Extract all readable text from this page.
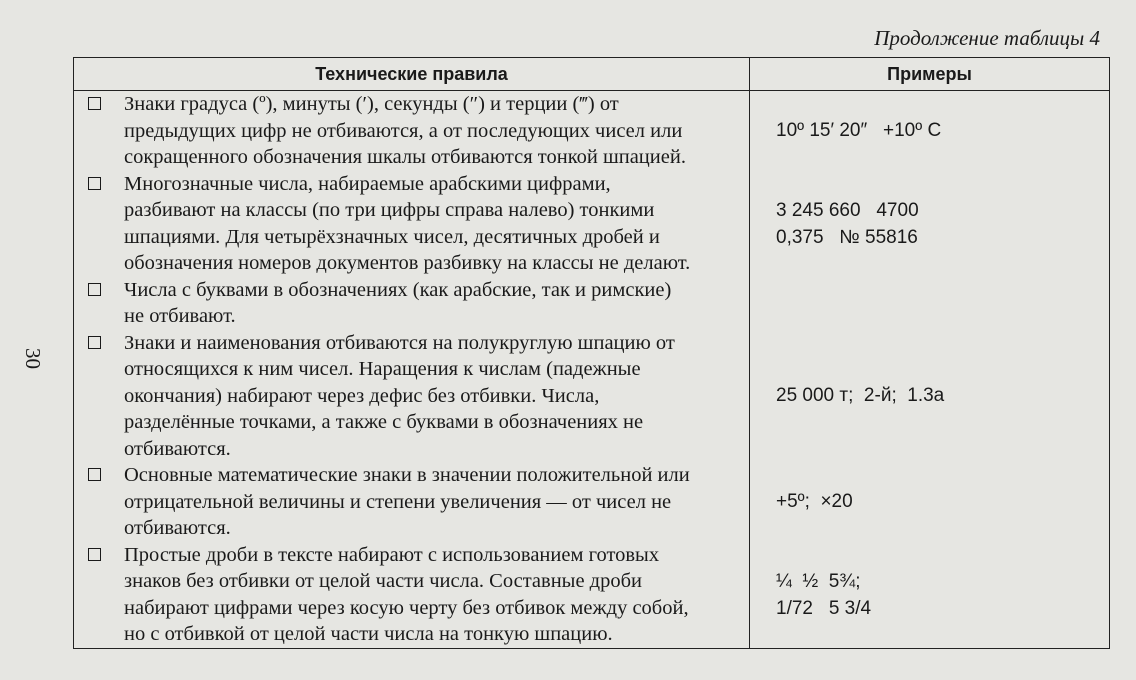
30
Продолжение таблицы 4
Технические правила	Примеры

Знаки градуса (º), минуты (′), секунды (″) и терции (‴) от
предыдущих цифр не отбиваются, а от последующих чисел или
сокращенного обозначения шкалы отбиваются тонкой шпацией.	10º 15′ 20″   +10º C

Многозначные числа, набираемые арабскими цифрами,
разбивают на классы (по три цифры справа налево) тонкими
шпациями. Для четырёхзначных чисел, десятичных дробей и
обозначения номеров документов разбивку на классы не делают.	3 245 660   4700
0,375   № 55816

Числа с буквами в обозначениях (как арабские, так и римские)
не отбивают.	

Знаки и наименования отбиваются на полукруглую шпацию от
относящихся к ним чисел. Наращения к числам (падежные
окончания) набирают через дефис без отбивки. Числа,
разделённые точками, а также с буквами в обозначениях не
отбиваются.	25 000 т;  2-й;  1.3а

Основные математические знаки в значении положительной или
отрицательной величины и степени увеличения — от чисел не
отбиваются.	+5º;  ×20

Простые дроби в тексте набирают с использованием готовых
знаков без отбивки от целой части числа. Составные дроби
набирают цифрами через косую черту без отбивок между собой,
но с отбивкой от целой части числа на тонкую шпацию.	¼  ½  5¾;
1/72   5 3/4
